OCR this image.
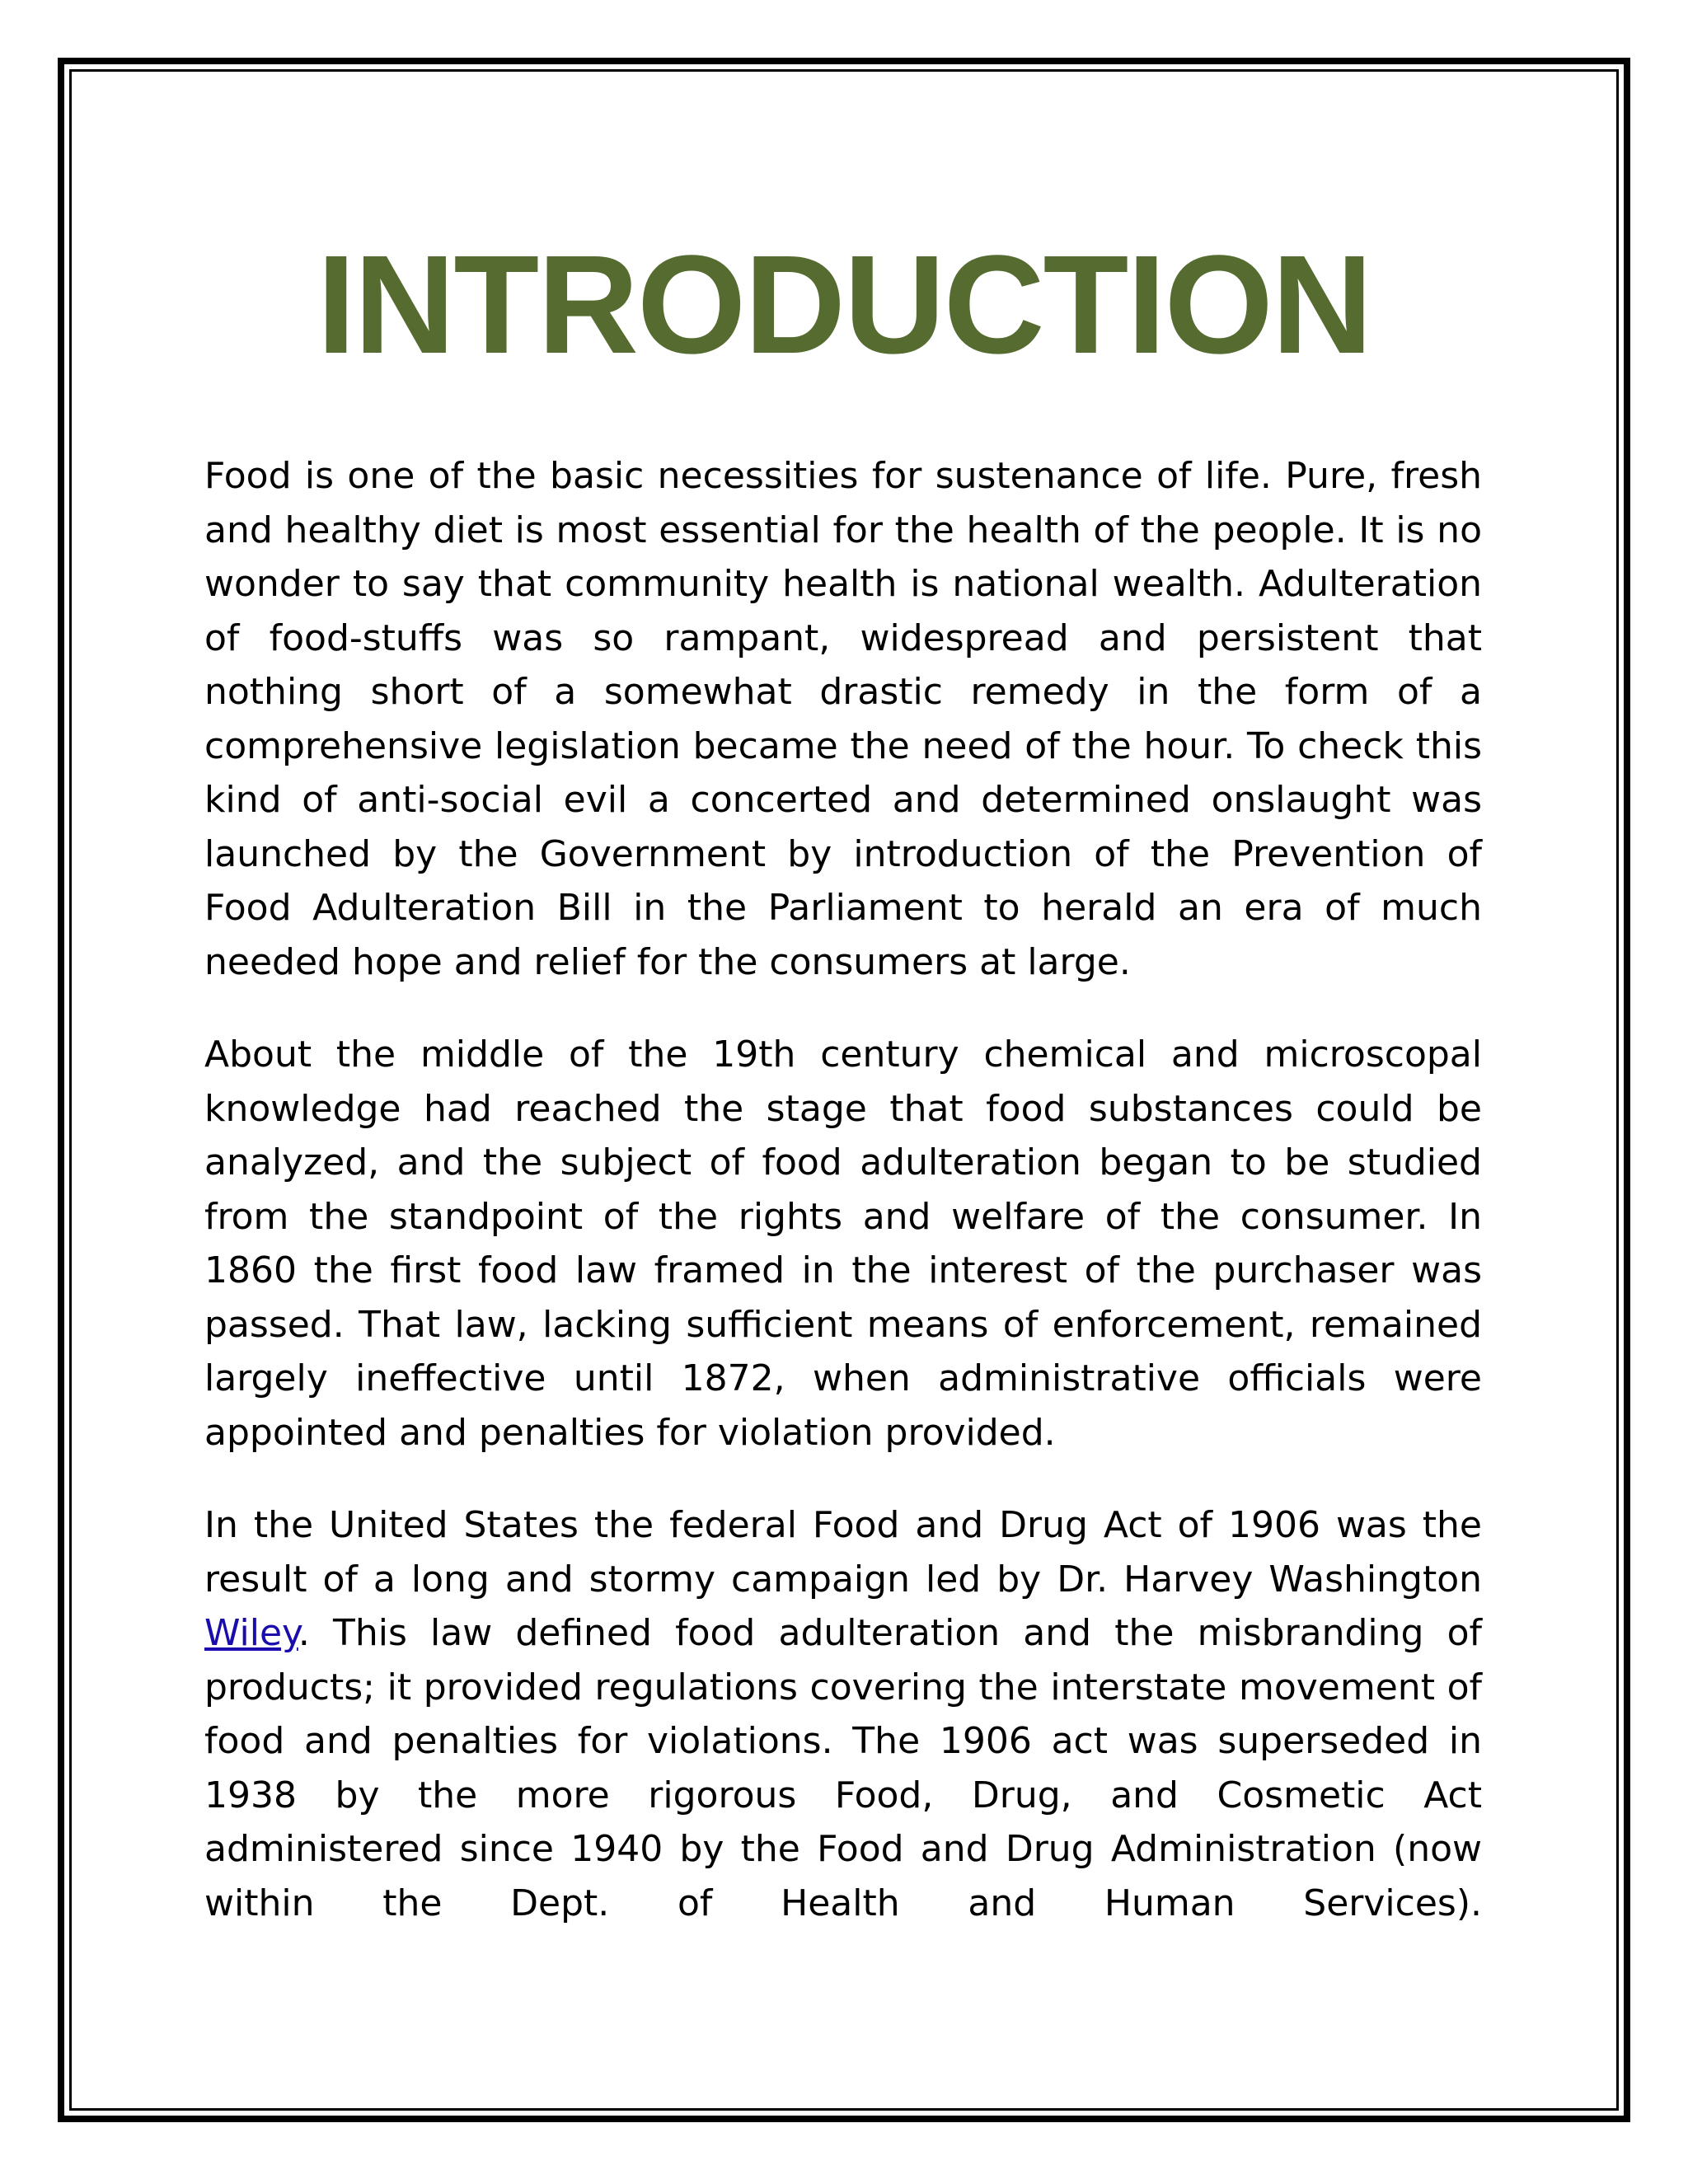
INTRODUCTION

Food is one of the basic necessities for sustenance of life. Pure, fresh and healthy diet is most essential for the health of the people. It is no wonder to say that community health is national wealth. Adulteration of food-stuffs was so rampant, widespread and persistent that nothing short of a somewhat drastic remedy in the form of a comprehensive legislation became the need of the hour. To check this kind of anti-social evil a concerted and determined onslaught was launched by the Government by introduction of the Prevention of Food Adulteration Bill in the Parliament to herald an era of much needed hope and relief for the consumers at large.

About the middle of the 19th century chemical and microscopal knowledge had reached the stage that food substances could be analyzed, and the subject of food adulteration began to be studied from the standpoint of the rights and welfare of the consumer. In 1860 the first food law framed in the interest of the purchaser was passed. That law, lacking sufficient means of enforcement, remained largely ineffective until 1872, when administrative officials were appointed and penalties for violation provided.

In the United States the federal Food and Drug Act of 1906 was the result of a long and stormy campaign led by Dr. Harvey Washington Wiley. This law defined food adulteration and the misbranding of products; it provided regulations covering the interstate movement of food and penalties for violations. The 1906 act was superseded in 1938 by the more rigorous Food, Drug, and Cosmetic Act administered since 1940 by the Food and Drug Administration (now within the Dept. of Health and Human Services).
